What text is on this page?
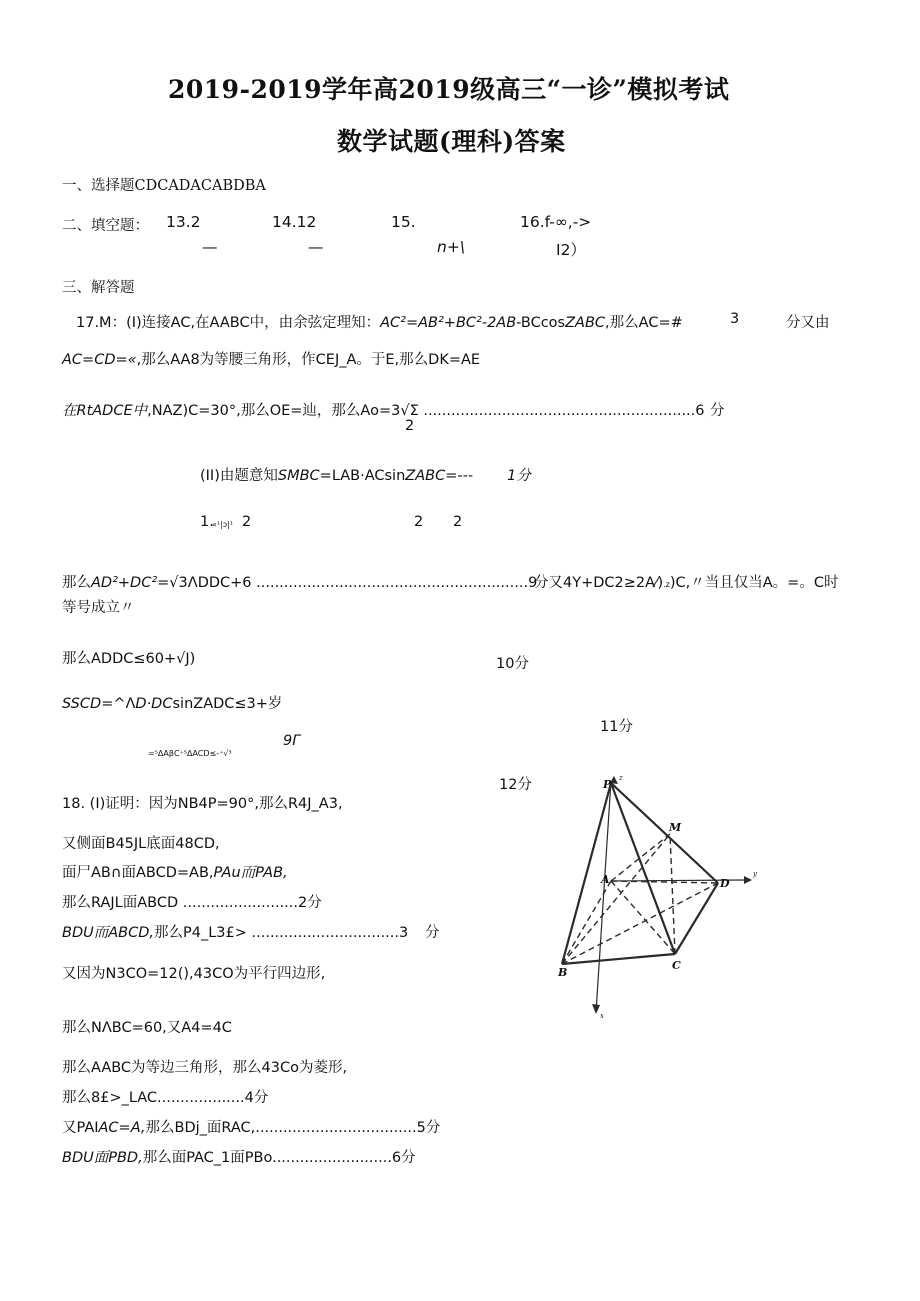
2019-2019学年高2019级高三“一诊”模拟考试
数学试题(理科)答案
一、选择题CDCADACABDBA
二、填空题： 13.2	14.12	15.	16.f-∞,->
—	—	n+\	I2）
三、解答题
17.M：(I)连接AC,在AABC中，由余弦定理知：AC²=AB²+BC²-2AB-BCcosZABC,那么AC=#	3	分又由
AC=CD=«,那么AA8为等腰三角形，作CEJ_A。于E,那么DK=AE
在RtADCE中,NAZ)C=30°,那么OE=辿，那么Ao=3√Σ ...........................................................6 分
2
(II)由题意知SMBC=LAB·ACsinZABC=--- 1分
1.
«¹|ɔ|¹ 2	2 2
那么AD²+DC²=√3ΛDDC+6 ...........................................................9
分又4Y+DC2≥2A⁄).z)C,〃当且仅当A。=。C时
等号成立〃
那么ADDC≤60+√J)	10分
SSCD=^ΛD·DCsinZADC≤3+岁
11分
=⁵ΔAβC⁺⁵ΔACD≤-⁺√³
9Γ
12分
18. (I)证明：因为NB4P=90°,那么R4J_A3,
又侧面B45JL底面48CD,
面尸AB∩面ABCD=AB,PAu而PAB,
那么RAJL面ABCD .........................2分
BDU而ABCD,那么P4_L3£> ................................3 分
又因为N3CO=12(),43CO为平行四边形,
那么NΛBC=60,又A4=4C
那么AABC为等边三角形，那么43Co为菱形,
那么8£>_LAC...................4分
又PAIAC=A,那么BDj_面RAC,...................................5分
BDU面PBD,那么面PAC_1面PBo..........................6分
P
M
A	D
B
C
x
y
z
